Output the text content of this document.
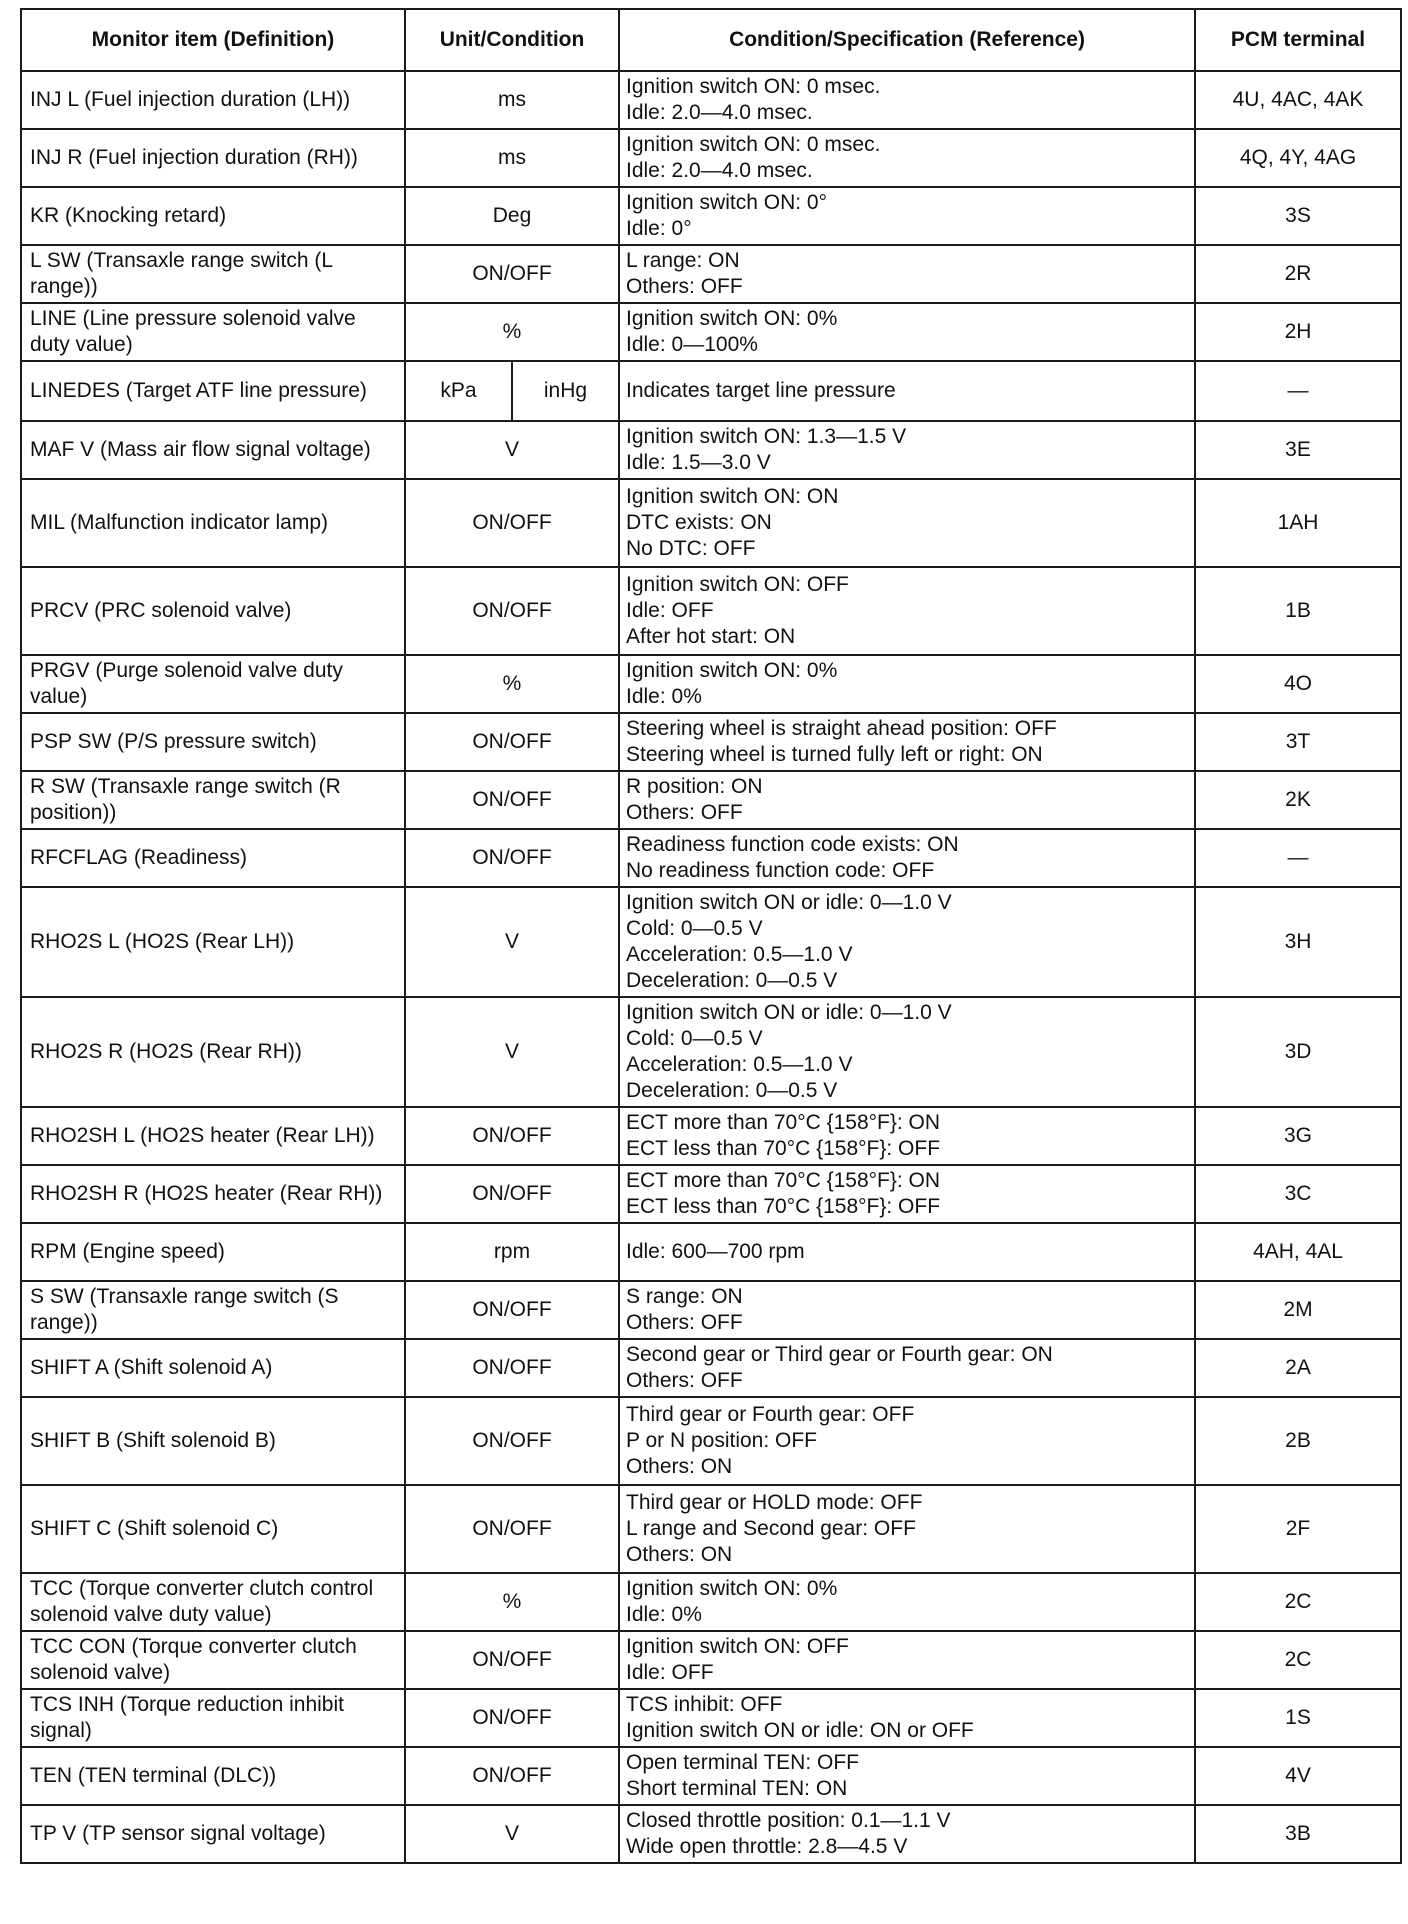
Monitor item (Definition)	Unit/Condition	Condition/Specification (Reference)	PCM terminal
INJ L (Fuel injection duration (LH))	ms	Ignition switch ON: 0 msec.
Idle: 2.0—4.0 msec.	4U, 4AC, 4AK
INJ R (Fuel injection duration (RH))	ms	Ignition switch ON: 0 msec.
Idle: 2.0—4.0 msec.	4Q, 4Y, 4AG
KR (Knocking retard)	Deg	Ignition switch ON: 0°
Idle: 0°	3S
L SW (Transaxle range switch (L range))	ON/OFF	L range: ON
Others: OFF	2R
LINE (Line pressure solenoid valve duty value)	%	Ignition switch ON: 0%
Idle: 0—100%	2H
LINEDES (Target ATF line pressure)	kPa inHg	Indicates target line pressure	—
MAF V (Mass air flow signal voltage)	V	Ignition switch ON: 1.3—1.5 V
Idle: 1.5—3.0 V	3E
MIL (Malfunction indicator lamp)	ON/OFF	Ignition switch ON: ON
DTC exists: ON
No DTC: OFF	1AH
PRCV (PRC solenoid valve)	ON/OFF	Ignition switch ON: OFF
Idle: OFF
After hot start: ON	1B
PRGV (Purge solenoid valve duty value)	%	Ignition switch ON: 0%
Idle: 0%	4O
PSP SW (P/S pressure switch)	ON/OFF	Steering wheel is straight ahead position: OFF
Steering wheel is turned fully left or right: ON	3T
R SW (Transaxle range switch (R position))	ON/OFF	R position: ON
Others: OFF	2K
RFCFLAG (Readiness)	ON/OFF	Readiness function code exists: ON
No readiness function code: OFF	—
RHO2S L (HO2S (Rear LH))	V	Ignition switch ON or idle: 0—1.0 V
Cold: 0—0.5 V
Acceleration: 0.5—1.0 V
Deceleration: 0—0.5 V	3H
RHO2S R (HO2S (Rear RH))	V	Ignition switch ON or idle: 0—1.0 V
Cold: 0—0.5 V
Acceleration: 0.5—1.0 V
Deceleration: 0—0.5 V	3D
RHO2SH L (HO2S heater (Rear LH))	ON/OFF	ECT more than 70°C {158°F}: ON
ECT less than 70°C {158°F}: OFF	3G
RHO2SH R (HO2S heater (Rear RH))	ON/OFF	ECT more than 70°C {158°F}: ON
ECT less than 70°C {158°F}: OFF	3C
RPM (Engine speed)	rpm	Idle: 600—700 rpm	4AH, 4AL
S SW (Transaxle range switch (S range))	ON/OFF	S range: ON
Others: OFF	2M
SHIFT A (Shift solenoid A)	ON/OFF	Second gear or Third gear or Fourth gear: ON
Others: OFF	2A
SHIFT B (Shift solenoid B)	ON/OFF	Third gear or Fourth gear: OFF
P or N position: OFF
Others: ON	2B
SHIFT C (Shift solenoid C)	ON/OFF	Third gear or HOLD mode: OFF
L range and Second gear: OFF
Others: ON	2F
TCC (Torque converter clutch control solenoid valve duty value)	%	Ignition switch ON: 0%
Idle: 0%	2C
TCC CON (Torque converter clutch solenoid valve)	ON/OFF	Ignition switch ON: OFF
Idle: OFF	2C
TCS INH (Torque reduction inhibit signal)	ON/OFF	TCS inhibit: OFF
Ignition switch ON or idle: ON or OFF	1S
TEN (TEN terminal (DLC))	ON/OFF	Open terminal TEN: OFF
Short terminal TEN: ON	4V
TP V (TP sensor signal voltage)	V	Closed throttle position: 0.1—1.1 V
Wide open throttle: 2.8—4.5 V	3B
